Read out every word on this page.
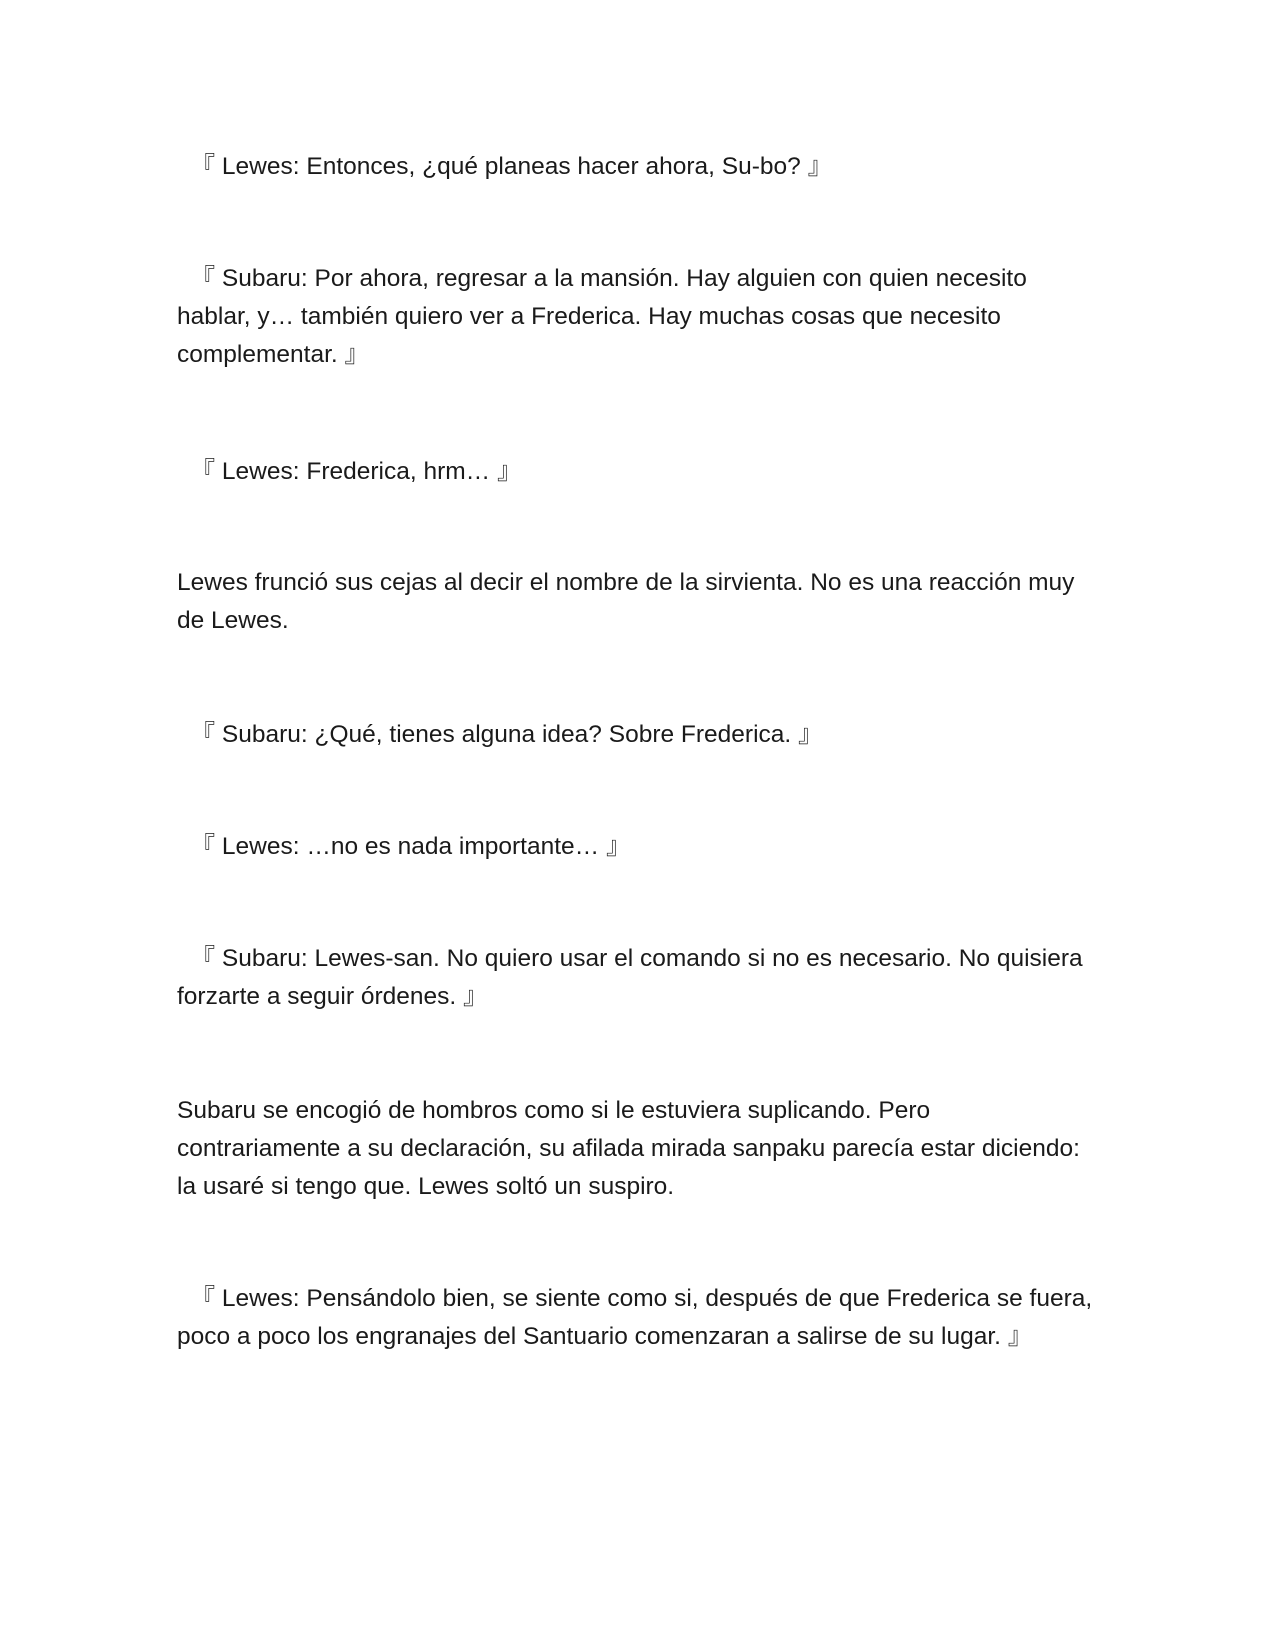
『 Lewes: Entonces, ¿qué planeas hacer ahora, Su-bo? 』

『 Subaru: Por ahora, regresar a la mansión. Hay alguien con quien necesito hablar, y… también quiero ver a Frederica. Hay muchas cosas que necesito complementar. 』

『 Lewes: Frederica, hrm… 』

Lewes frunció sus cejas al decir el nombre de la sirvienta. No es una reacción muy de Lewes.

『 Subaru: ¿Qué, tienes alguna idea? Sobre Frederica. 』

『 Lewes: …no es nada importante… 』

『 Subaru: Lewes-san. No quiero usar el comando si no es necesario. No quisiera forzarte a seguir órdenes. 』

Subaru se encogió de hombros como si le estuviera suplicando. Pero contrariamente a su declaración, su afilada mirada sanpaku parecía estar diciendo: la usaré si tengo que. Lewes soltó un suspiro.

『 Lewes: Pensándolo bien, se siente como si, después de que Frederica se fuera, poco a poco los engranajes del Santuario comenzaran a salirse de su lugar. 』
